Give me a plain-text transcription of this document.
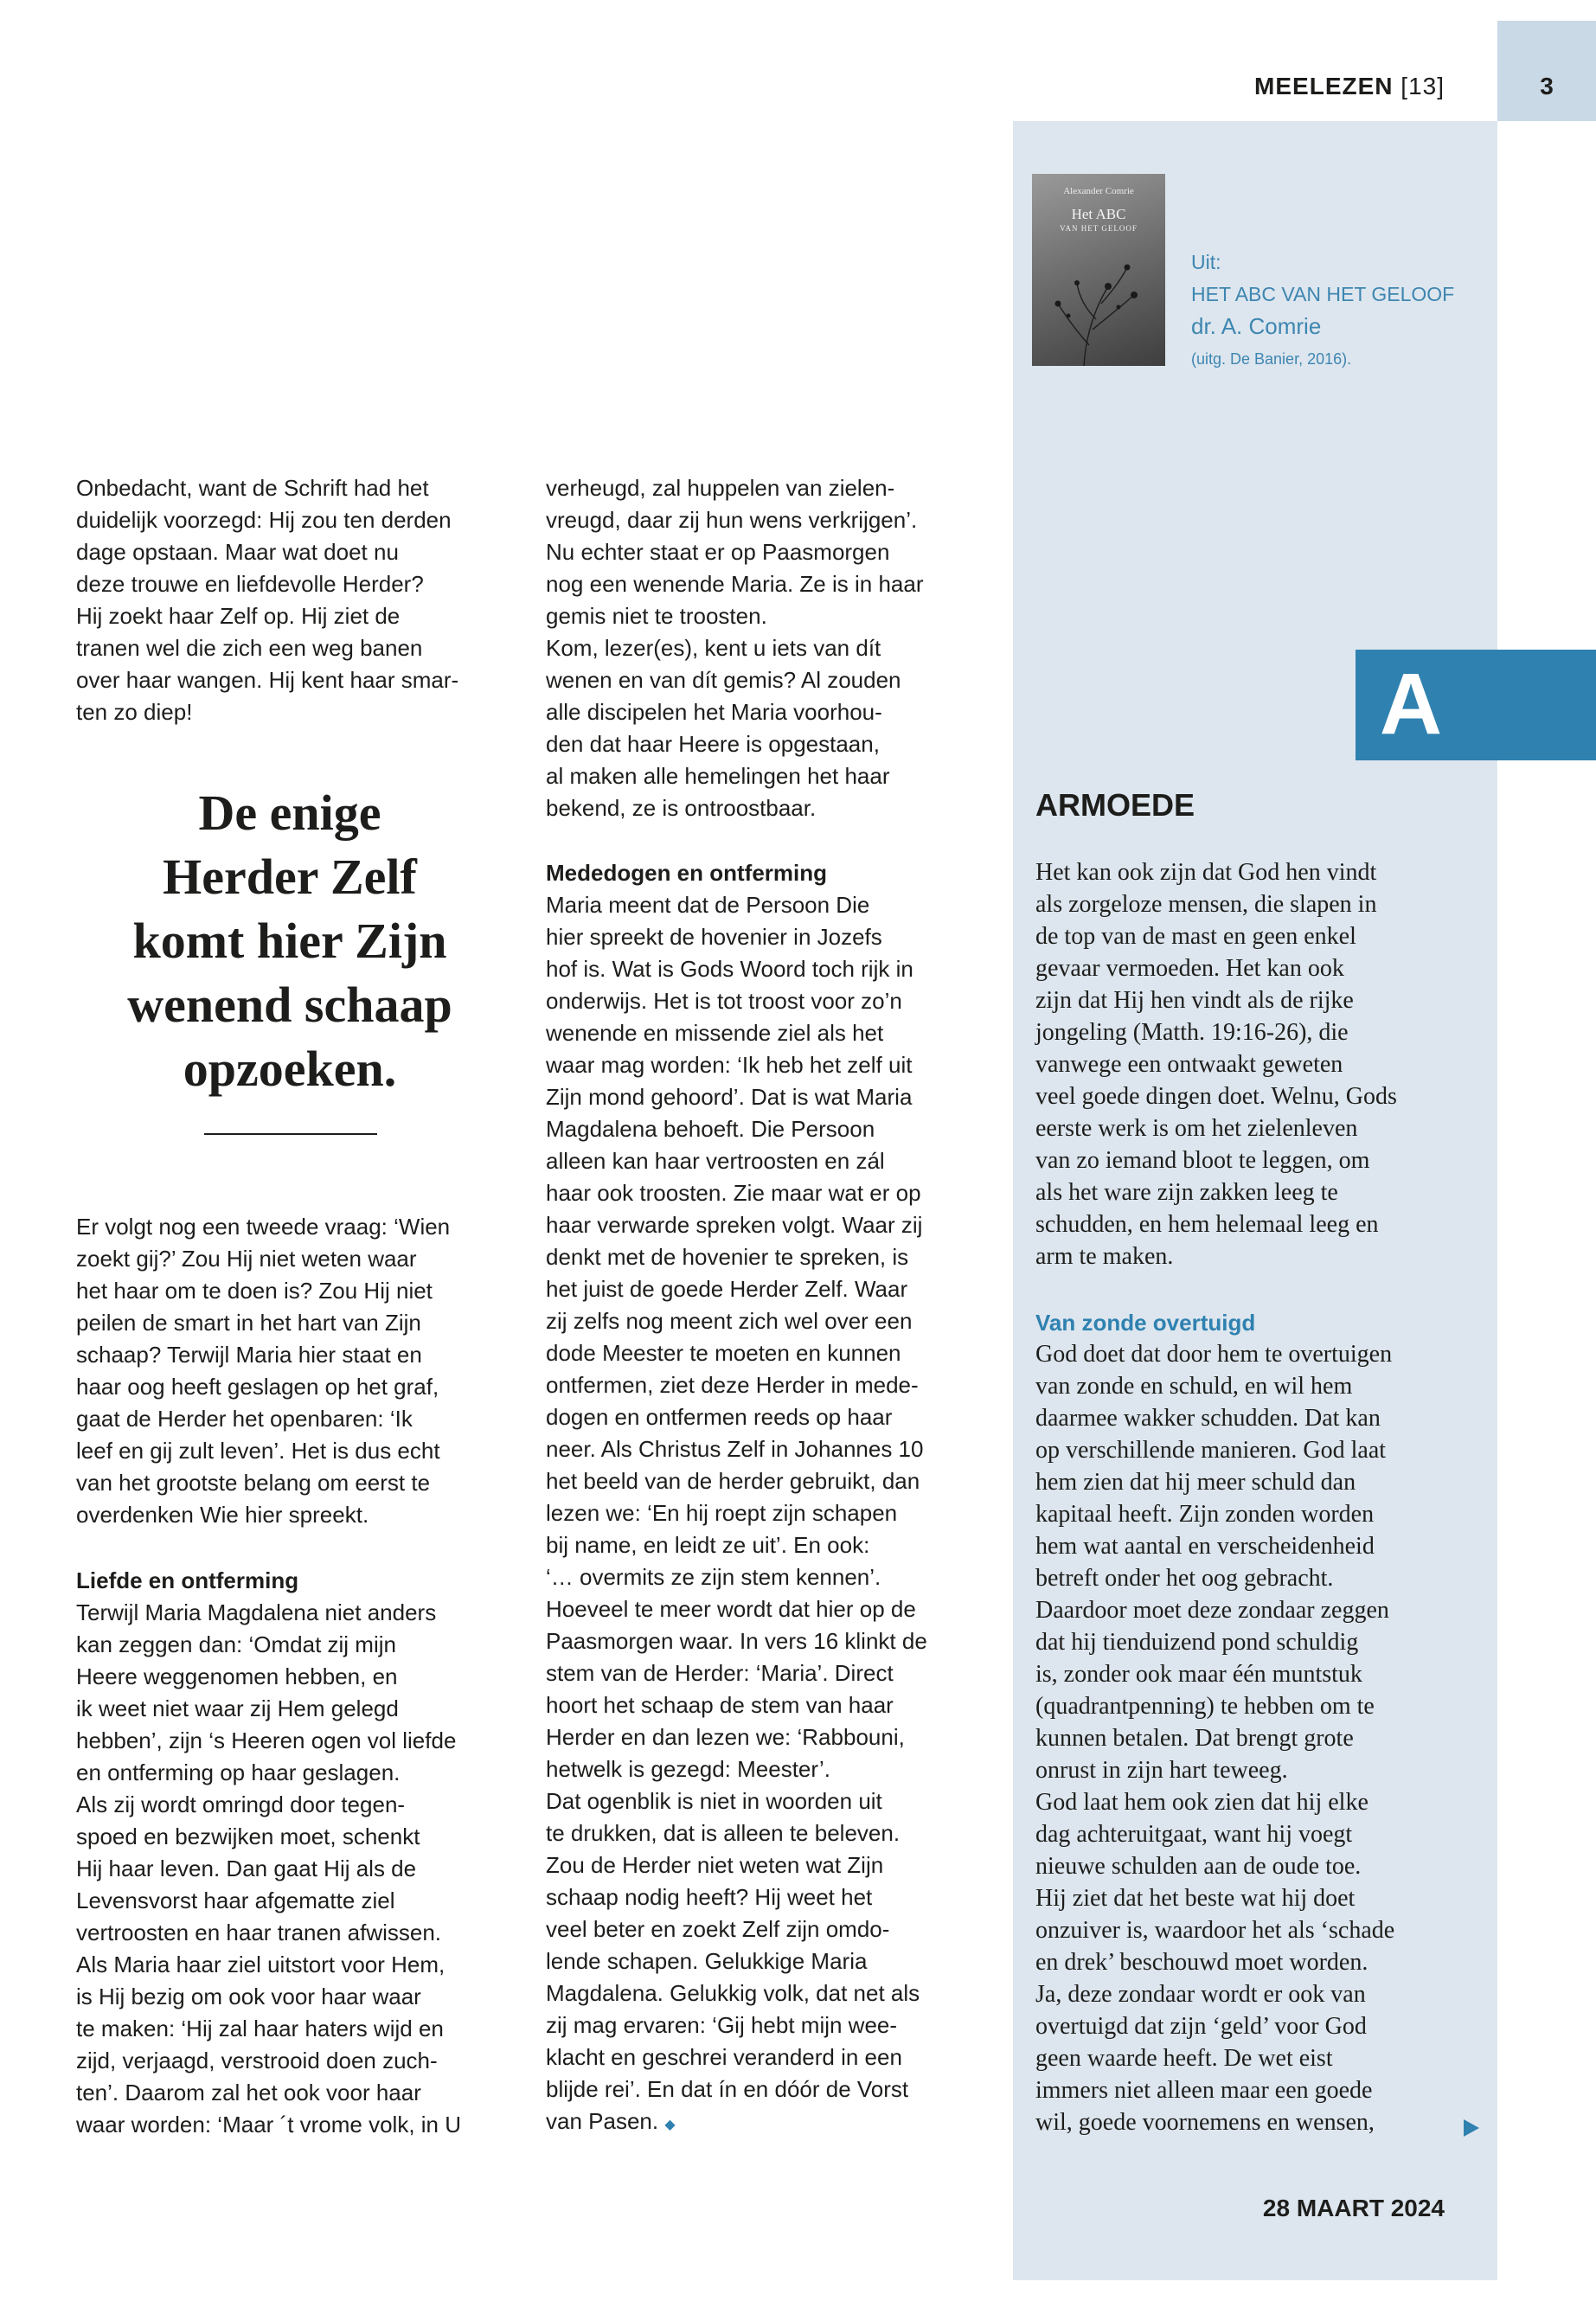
MEELEZEN [13]	3
Alexander Comrie
Het ABC
VAN HET GELOOF
Uit:
HET ABC VAN HET GELOOF
dr. A. Comrie
(uitg. De Banier, 2016).
A
ARMOEDE
Het kan ook zijn dat God hen vindt
als zorgeloze mensen, die slapen in
de top van de mast en geen enkel
gevaar vermoeden. Het kan ook
zijn dat Hij hen vindt als de rijke
jongeling (Matth. 19:16-26), die
vanwege een ontwaakt geweten
veel goede dingen doet. Welnu, Gods
eerste werk is om het zielenleven
van zo iemand bloot te leggen, om
als het ware zijn zakken leeg te
schudden, en hem helemaal leeg en
arm te maken.
Van zonde overtuigd
God doet dat door hem te overtuigen
van zonde en schuld, en wil hem
daarmee wakker schudden. Dat kan
op verschillende manieren. God laat
hem zien dat hij meer schuld dan
kapitaal heeft. Zijn zonden worden
hem wat aantal en verscheidenheid
betreft onder het oog gebracht.
Daardoor moet deze zondaar zeggen
dat hij tienduizend pond schuldig
is, zonder ook maar één muntstuk
(quadrantpenning) te hebben om te
kunnen betalen. Dat brengt grote
onrust in zijn hart teweeg.
God laat hem ook zien dat hij elke
dag achteruitgaat, want hij voegt
nieuwe schulden aan de oude toe.
Hij ziet dat het beste wat hij doet
onzuiver is, waardoor het als ‘schade
en drek’ beschouwd moet worden.
Ja, deze zondaar wordt er ook van
overtuigd dat zijn ‘geld’ voor God
geen waarde heeft. De wet eist
immers niet alleen maar een goede
wil, goede voornemens en wensen,
Onbedacht, want de Schrift had het
duidelijk voorzegd: Hij zou ten derden
dage opstaan. Maar wat doet nu
deze trouwe en liefdevolle Herder?
Hij zoekt haar Zelf op. Hij ziet de
tranen wel die zich een weg banen
over haar wangen. Hij kent haar smar-
ten zo diep!
De enige
Herder Zelf
komt hier Zijn
wenend schaap
opzoeken.
Er volgt nog een tweede vraag: ‘Wien
zoekt gij?’ Zou Hij niet weten waar
het haar om te doen is? Zou Hij niet
peilen de smart in het hart van Zijn
schaap? Terwijl Maria hier staat en
haar oog heeft geslagen op het graf,
gaat de Herder het openbaren: ‘Ik
leef en gij zult leven’. Het is dus echt
van het grootste belang om eerst te
overdenken Wie hier spreekt.
Liefde en ontferming
Terwijl Maria Magdalena niet anders
kan zeggen dan: ‘Omdat zij mijn
Heere weggenomen hebben, en
ik weet niet waar zij Hem gelegd
hebben’, zijn ‘s Heeren ogen vol liefde
en ontferming op haar geslagen.
Als zij wordt omringd door tegen-
spoed en bezwijken moet, schenkt
Hij haar leven. Dan gaat Hij als de
Levensvorst haar afgematte ziel
vertroosten en haar tranen afwissen.
Als Maria haar ziel uitstort voor Hem,
is Hij bezig om ook voor haar waar
te maken: ‘Hij zal haar haters wijd en
zijd, verjaagd, verstrooid doen zuch-
ten’. Daarom zal het ook voor haar
waar worden: ‘Maar ´t vrome volk, in U
verheugd, zal huppelen van zielen-
vreugd, daar zij hun wens verkrijgen’.
Nu echter staat er op Paasmorgen
nog een wenende Maria. Ze is in haar
gemis niet te troosten.
Kom, lezer(es), kent u iets van dít
wenen en van dít gemis? Al zouden
alle discipelen het Maria voorhou-
den dat haar Heere is opgestaan,
al maken alle hemelingen het haar
bekend, ze is ontroostbaar.
Mededogen en ontferming
Maria meent dat de Persoon Die
hier spreekt de hovenier in Jozefs
hof is. Wat is Gods Woord toch rijk in
onderwijs. Het is tot troost voor zo’n
wenende en missende ziel als het
waar mag worden: ‘Ik heb het zelf uit
Zijn mond gehoord’. Dat is wat Maria
Magdalena behoeft. Die Persoon
alleen kan haar vertroosten en zál
haar ook troosten. Zie maar wat er op
haar verwarde spreken volgt. Waar zij
denkt met de hovenier te spreken, is
het juist de goede Herder Zelf. Waar
zij zelfs nog meent zich wel over een
dode Meester te moeten en kunnen
ontfermen, ziet deze Herder in mede-
dogen en ontfermen reeds op haar
neer. Als Christus Zelf in Johannes 10
het beeld van de herder gebruikt, dan
lezen we: ‘En hij roept zijn schapen
bij name, en leidt ze uit’. En ook:
‘… overmits ze zijn stem kennen’.
Hoeveel te meer wordt dat hier op de
Paasmorgen waar. In vers 16 klinkt de
stem van de Herder: ‘Maria’. Direct
hoort het schaap de stem van haar
Herder en dan lezen we: ‘Rabbouni,
hetwelk is gezegd: Meester’.
Dat ogenblik is niet in woorden uit
te drukken, dat is alleen te beleven.
Zou de Herder niet weten wat Zijn
schaap nodig heeft? Hij weet het
veel beter en zoekt Zelf zijn omdo-
lende schapen. Gelukkige Maria
Magdalena. Gelukkig volk, dat net als
zij mag ervaren: ‘Gij hebt mijn wee-
klacht en geschrei veranderd in een
blijde rei’. En dat ín en dóór de Vorst
van Pasen. ◆
28 MAART 2024
